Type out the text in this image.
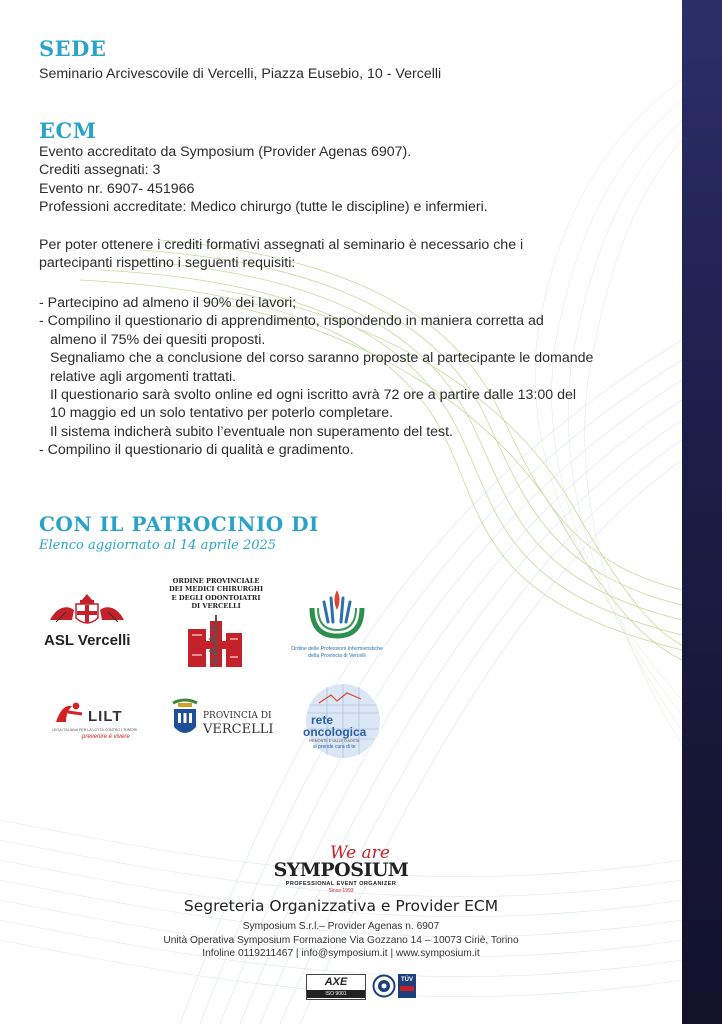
SEDE

Seminario Arcivescovile di Vercelli, Piazza Eusebio, 10 - Vercelli

ECM

Evento accreditato da Symposium (Provider Agenas 6907).

Crediti assegnati: 3

Evento nr. 6907- 451966

Professioni accreditate: Medico chirurgo (tutte le discipline) e infermieri.

Per poter ottenere i crediti formativi assegnati al seminario è necessario che i

partecipanti rispettino i seguenti requisiti:

- Partecipino ad almeno il 90% dei lavori;

- Compilino il questionario di apprendimento, rispondendo in maniera corretta ad

almeno il 75% dei quesiti proposti.

Segnaliamo che a conclusione del corso saranno proposte al partecipante le domande

relative agli argomenti trattati.

Il questionario sarà svolto online ed ogni iscritto avrà 72 ore a partire dalle 13:00 del

10 maggio ed un solo tentativo per poterlo completare.

Il sistema indicherà subito l’eventuale non superamento del test.

- Compilino il questionario di qualità e gradimento.

CON IL PATROCINIO DI
Elenco aggiornato al 14 aprile 2025
ASL Vercelli
ORDINE PROVINCIALE
DEI MEDICI CHIRURGHI
E DEGLI ODONTOIATRI
DI VERCELLI
Ordine delle Professioni Infermieristiche
della Provincia di Vercelli
LILT
LEGA ITALIANA PER LA LOTTA CONTRO I TUMORI
prevenire è vivere
PROVINCIA DI
VERCELLI
rete
oncologica
PIEMONTE E VALLE D'AOSTA
si prende cura di te
We are
SYMPOSIUM
PROFESSIONAL EVENT ORGANIZER
Since 1993
Segreteria Organizzativa e Provider ECM
Symposium S.r.l.– Provider Agenas n. 6907
Unità Operativa Symposium Formazione Via Gozzano 14 – 10073 Ciriè, Torino
Infoline 0119211467 | info@symposium.it | www.symposium.it
AXE
ISO 9001
TÜV
